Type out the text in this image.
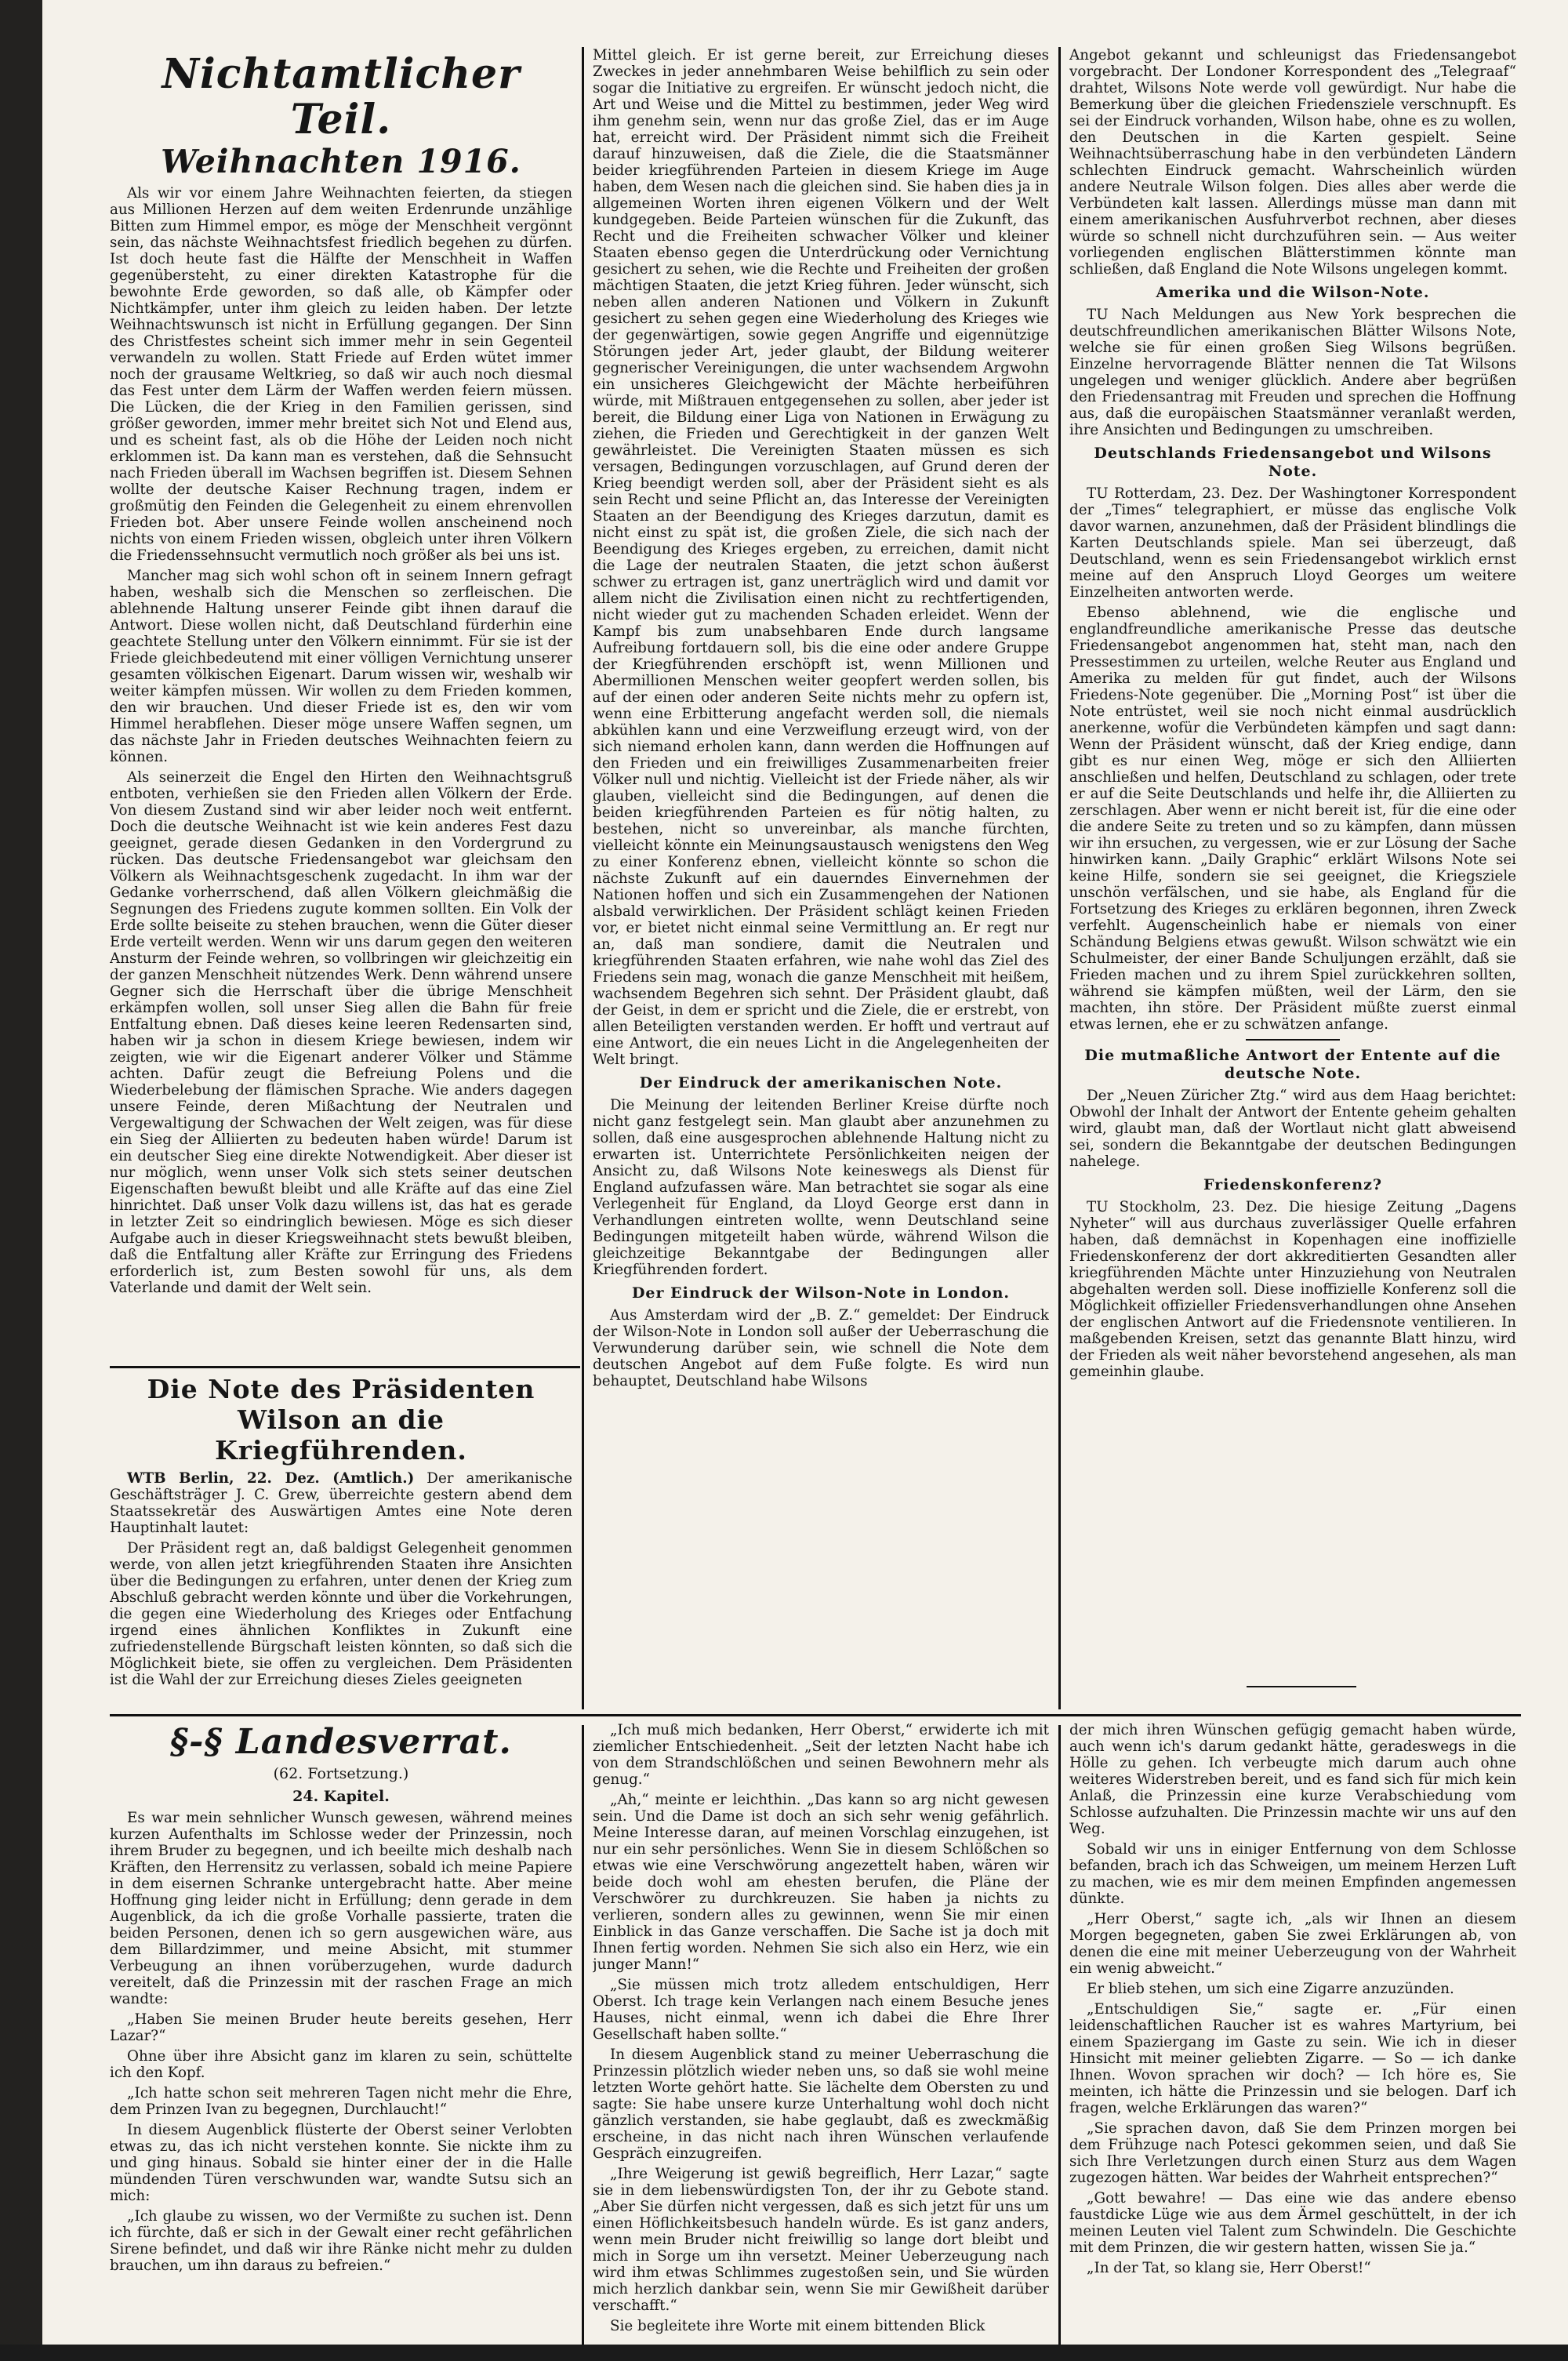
Nichtamtlicher Teil.
Weihnachten 1916.

Als wir vor einem Jahre Weihnachten feierten, da stiegen aus Millionen Herzen auf dem weiten Erdenrunde unzählige Bitten zum Himmel empor, es möge der Menschheit vergönnt sein, das nächste Weihnachtsfest friedlich begehen zu dürfen. Ist doch heute fast die Hälfte der Menschheit in Waffen gegenübersteht, zu einer direkten Katastrophe für die bewohnte Erde geworden, so daß alle, ob Kämpfer oder Nichtkämpfer, unter ihm gleich zu leiden haben. Der letzte Weihnachtswunsch ist nicht in Erfüllung gegangen. Der Sinn des Christfestes scheint sich immer mehr in sein Gegenteil verwandeln zu wollen. Statt Friede auf Erden wütet immer noch der grausame Weltkrieg, so daß wir auch noch diesmal das Fest unter dem Lärm der Waffen werden feiern müssen. Die Lücken, die der Krieg in den Familien gerissen, sind größer geworden, immer mehr breitet sich Not und Elend aus, und es scheint fast, als ob die Höhe der Leiden noch nicht erklommen ist. Da kann man es verstehen, daß die Sehnsucht nach Frieden überall im Wachsen begriffen ist. Diesem Sehnen wollte der deutsche Kaiser Rechnung tragen, indem er großmütig den Feinden die Gelegenheit zu einem ehrenvollen Frieden bot. Aber unsere Feinde wollen anscheinend noch nichts von einem Frieden wissen, obgleich unter ihren Völkern die Friedenssehnsucht vermutlich noch größer als bei uns ist.

Mancher mag sich wohl schon oft in seinem Innern gefragt haben, weshalb sich die Menschen so zerfleischen. Die ablehnende Haltung unserer Feinde gibt ihnen darauf die Antwort. Diese wollen nicht, daß Deutschland fürderhin eine geachtete Stellung unter den Völkern einnimmt. Für sie ist der Friede gleichbedeutend mit einer völligen Vernichtung unserer gesamten völkischen Eigenart. Darum wissen wir, weshalb wir weiter kämpfen müssen. Wir wollen zu dem Frieden kommen, den wir brauchen. Und dieser Friede ist es, den wir vom Himmel herabflehen. Dieser möge unsere Waffen segnen, um das nächste Jahr in Frieden deutsches Weihnachten feiern zu können.

Als seinerzeit die Engel den Hirten den Weihnachtsgruß entboten, verhießen sie den Frieden allen Völkern der Erde. Von diesem Zustand sind wir aber leider noch weit entfernt. Doch die deutsche Weihnacht ist wie kein anderes Fest dazu geeignet, gerade diesen Gedanken in den Vordergrund zu rücken. Das deutsche Friedensangebot war gleichsam den Völkern als Weihnachtsgeschenk zugedacht. In ihm war der Gedanke vorherrschend, daß allen Völkern gleichmäßig die Segnungen des Friedens zugute kommen sollten. Ein Volk der Erde sollte beiseite zu stehen brauchen, wenn die Güter dieser Erde verteilt werden. Wenn wir uns darum gegen den weiteren Ansturm der Feinde wehren, so vollbringen wir gleichzeitig ein der ganzen Menschheit nützendes Werk. Denn während unsere Gegner sich die Herrschaft über die übrige Menschheit erkämpfen wollen, soll unser Sieg allen die Bahn für freie Entfaltung ebnen. Daß dieses keine leeren Redensarten sind, haben wir ja schon in diesem Kriege bewiesen, indem wir zeigten, wie wir die Eigenart anderer Völker und Stämme achten. Dafür zeugt die Befreiung Polens und die Wiederbelebung der flämischen Sprache. Wie anders dagegen unsere Feinde, deren Mißachtung der Neutralen und Vergewaltigung der Schwachen der Welt zeigen, was für diese ein Sieg der Alliierten zu bedeuten haben würde! Darum ist ein deutscher Sieg eine direkte Notwendigkeit. Aber dieser ist nur möglich, wenn unser Volk sich stets seiner deutschen Eigenschaften bewußt bleibt und alle Kräfte auf das eine Ziel hinrichtet. Daß unser Volk dazu willens ist, das hat es gerade in letzter Zeit so eindringlich bewiesen. Möge es sich dieser Aufgabe auch in dieser Kriegsweihnacht stets bewußt bleiben, daß die Entfaltung aller Kräfte zur Erringung des Friedens erforderlich ist, zum Besten sowohl für uns, als dem Vaterlande und damit der Welt sein.

Die Note des Präsidenten Wilson an die Kriegführenden.

WTB Berlin, 22. Dez. (Amtlich.) Der amerikanische Geschäftsträger J. C. Grew, überreichte gestern abend dem Staatssekretär des Auswärtigen Amtes eine Note deren Hauptinhalt lautet:

Der Präsident regt an, daß baldigst Gelegenheit genommen werde, von allen jetzt kriegführenden Staaten ihre Ansichten über die Bedingungen zu erfahren, unter denen der Krieg zum Abschluß gebracht werden könnte und über die Vorkehrungen, die gegen eine Wiederholung des Krieges oder Entfachung irgend eines ähnlichen Konfliktes in Zukunft eine zufriedenstellende Bürgschaft leisten könnten, so daß sich die Möglichkeit biete, sie offen zu vergleichen. Dem Präsidenten ist die Wahl der zur Erreichung dieses Zieles geeigneten

Mittel gleich. Er ist gerne bereit, zur Erreichung dieses Zweckes in jeder annehmbaren Weise behilflich zu sein oder sogar die Initiative zu ergreifen. Er wünscht jedoch nicht, die Art und Weise und die Mittel zu bestimmen, jeder Weg wird ihm genehm sein, wenn nur das große Ziel, das er im Auge hat, erreicht wird. Der Präsident nimmt sich die Freiheit darauf hinzuweisen, daß die Ziele, die die Staatsmänner beider kriegführenden Parteien in diesem Kriege im Auge haben, dem Wesen nach die gleichen sind. Sie haben dies ja in allgemeinen Worten ihren eigenen Völkern und der Welt kundgegeben. Beide Parteien wünschen für die Zukunft, das Recht und die Freiheiten schwacher Völker und kleiner Staaten ebenso gegen die Unterdrückung oder Vernichtung gesichert zu sehen, wie die Rechte und Freiheiten der großen mächtigen Staaten, die jetzt Krieg führen. Jeder wünscht, sich neben allen anderen Nationen und Völkern in Zukunft gesichert zu sehen gegen eine Wiederholung des Krieges wie der gegenwärtigen, sowie gegen Angriffe und eigennützige Störungen jeder Art, jeder glaubt, der Bildung weiterer gegnerischer Vereinigungen, die unter wachsendem Argwohn ein unsicheres Gleichgewicht der Mächte herbeiführen würde, mit Mißtrauen entgegensehen zu sollen, aber jeder ist bereit, die Bildung einer Liga von Nationen in Erwägung zu ziehen, die Frieden und Gerechtigkeit in der ganzen Welt gewährleistet. Die Vereinigten Staaten müssen es sich versagen, Bedingungen vorzuschlagen, auf Grund deren der Krieg beendigt werden soll, aber der Präsident sieht es als sein Recht und seine Pflicht an, das Interesse der Vereinigten Staaten an der Beendigung des Krieges darzutun, damit es nicht einst zu spät ist, die großen Ziele, die sich nach der Beendigung des Krieges ergeben, zu erreichen, damit nicht die Lage der neutralen Staaten, die jetzt schon äußerst schwer zu ertragen ist, ganz unerträglich wird und damit vor allem nicht die Zivilisation einen nicht zu rechtfertigenden, nicht wieder gut zu machenden Schaden erleidet. Wenn der Kampf bis zum unabsehbaren Ende durch langsame Aufreibung fortdauern soll, bis die eine oder andere Gruppe der Kriegführenden erschöpft ist, wenn Millionen und Abermillionen Menschen weiter geopfert werden sollen, bis auf der einen oder anderen Seite nichts mehr zu opfern ist, wenn eine Erbitterung angefacht werden soll, die niemals abkühlen kann und eine Verzweiflung erzeugt wird, von der sich niemand erholen kann, dann werden die Hoffnungen auf den Frieden und ein freiwilliges Zusammenarbeiten freier Völker null und nichtig. Vielleicht ist der Friede näher, als wir glauben, vielleicht sind die Bedingungen, auf denen die beiden kriegführenden Parteien es für nötig halten, zu bestehen, nicht so unvereinbar, als manche fürchten, vielleicht könnte ein Meinungsaustausch wenigstens den Weg zu einer Konferenz ebnen, vielleicht könnte so schon die nächste Zukunft auf ein dauerndes Einvernehmen der Nationen hoffen und sich ein Zusammengehen der Nationen alsbald verwirklichen. Der Präsident schlägt keinen Frieden vor, er bietet nicht einmal seine Vermittlung an. Er regt nur an, daß man sondiere, damit die Neutralen und kriegführenden Staaten erfahren, wie nahe wohl das Ziel des Friedens sein mag, wonach die ganze Menschheit mit heißem, wachsendem Begehren sich sehnt. Der Präsident glaubt, daß der Geist, in dem er spricht und die Ziele, die er erstrebt, von allen Beteiligten verstanden werden. Er hofft und vertraut auf eine Antwort, die ein neues Licht in die Angelegenheiten der Welt bringt.

Der Eindruck der amerikanischen Note.

Die Meinung der leitenden Berliner Kreise dürfte noch nicht ganz festgelegt sein. Man glaubt aber anzunehmen zu sollen, daß eine ausgesprochen ablehnende Haltung nicht zu erwarten ist. Unterrichtete Persönlichkeiten neigen der Ansicht zu, daß Wilsons Note keineswegs als Dienst für England aufzufassen wäre. Man betrachtet sie sogar als eine Verlegenheit für England, da Lloyd George erst dann in Verhandlungen eintreten wollte, wenn Deutschland seine Bedingungen mitgeteilt haben würde, während Wilson die gleichzeitige Bekanntgabe der Bedingungen aller Kriegführenden fordert.

Der Eindruck der Wilson-Note in London.

Aus Amsterdam wird der „B. Z.“ gemeldet: Der Eindruck der Wilson-Note in London soll außer der Ueberraschung die Verwunderung darüber sein, wie schnell die Note dem deutschen Angebot auf dem Fuße folgte. Es wird nun behauptet, Deutschland habe Wilsons

Angebot gekannt und schleunigst das Friedensangebot vorgebracht. Der Londoner Korrespondent des „Telegraaf“ drahtet, Wilsons Note werde voll gewürdigt. Nur habe die Bemerkung über die gleichen Friedensziele verschnupft. Es sei der Eindruck vorhanden, Wilson habe, ohne es zu wollen, den Deutschen in die Karten gespielt. Seine Weihnachtsüberraschung habe in den verbündeten Ländern schlechten Eindruck gemacht. Wahrscheinlich würden andere Neutrale Wilson folgen. Dies alles aber werde die Verbündeten kalt lassen. Allerdings müsse man dann mit einem amerikanischen Ausfuhrverbot rechnen, aber dieses würde so schnell nicht durchzuführen sein. — Aus weiter vorliegenden englischen Blätterstimmen könnte man schließen, daß England die Note Wilsons ungelegen kommt.

Amerika und die Wilson-Note.

TU Nach Meldungen aus New York besprechen die deutschfreundlichen amerikanischen Blätter Wilsons Note, welche sie für einen großen Sieg Wilsons begrüßen. Einzelne hervorragende Blätter nennen die Tat Wilsons ungelegen und weniger glücklich. Andere aber begrüßen den Friedensantrag mit Freuden und sprechen die Hoffnung aus, daß die europäischen Staatsmänner veranlaßt werden, ihre Ansichten und Bedingungen zu umschreiben.

Deutschlands Friedensangebot und Wilsons Note.

TU Rotterdam, 23. Dez. Der Washingtoner Korrespondent der „Times“ telegraphiert, er müsse das englische Volk davor warnen, anzunehmen, daß der Präsident blindlings die Karten Deutschlands spiele. Man sei überzeugt, daß Deutschland, wenn es sein Friedensangebot wirklich ernst meine auf den Anspruch Lloyd Georges um weitere Einzelheiten antworten werde.

Ebenso ablehnend, wie die englische und englandfreundliche amerikanische Presse das deutsche Friedensangebot angenommen hat, steht man, nach den Pressestimmen zu urteilen, welche Reuter aus England und Amerika zu melden für gut findet, auch der Wilsons Friedens-Note gegenüber. Die „Morning Post“ ist über die Note entrüstet, weil sie noch nicht einmal ausdrücklich anerkenne, wofür die Verbündeten kämpfen und sagt dann: Wenn der Präsident wünscht, daß der Krieg endige, dann gibt es nur einen Weg, möge er sich den Alliierten anschließen und helfen, Deutschland zu schlagen, oder trete er auf die Seite Deutschlands und helfe ihr, die Alliierten zu zerschlagen. Aber wenn er nicht bereit ist, für die eine oder die andere Seite zu treten und so zu kämpfen, dann müssen wir ihn ersuchen, zu vergessen, wie er zur Lösung der Sache hinwirken kann. „Daily Graphic“ erklärt Wilsons Note sei keine Hilfe, sondern sie sei geeignet, die Kriegsziele unschön verfälschen, und sie habe, als England für die Fortsetzung des Krieges zu erklären begonnen, ihren Zweck verfehlt. Augenscheinlich habe er niemals von einer Schändung Belgiens etwas gewußt. Wilson schwätzt wie ein Schulmeister, der einer Bande Schuljungen erzählt, daß sie Frieden machen und zu ihrem Spiel zurückkehren sollten, während sie kämpfen müßten, weil der Lärm, den sie machten, ihn störe. Der Präsident müßte zuerst einmal etwas lernen, ehe er zu schwätzen anfange.

Die mutmaßliche Antwort der Entente auf die deutsche Note.

Der „Neuen Züricher Ztg.“ wird aus dem Haag berichtet: Obwohl der Inhalt der Antwort der Entente geheim gehalten wird, glaubt man, daß der Wortlaut nicht glatt abweisend sei, sondern die Bekanntgabe der deutschen Bedingungen nahelege.

Friedenskonferenz?

TU Stockholm, 23. Dez. Die hiesige Zeitung „Dagens Nyheter“ will aus durchaus zuverlässiger Quelle erfahren haben, daß demnächst in Kopenhagen eine inoffizielle Friedenskonferenz der dort akkreditierten Gesandten aller kriegführenden Mächte unter Hinzuziehung von Neutralen abgehalten werden soll. Diese inoffizielle Konferenz soll die Möglichkeit offizieller Friedensverhandlungen ohne Ansehen der englischen Antwort auf die Friedensnote ventilieren. In maßgebenden Kreisen, setzt das genannte Blatt hinzu, wird der Frieden als weit näher bevorstehend angesehen, als man gemeinhin glaube.

§-§ Landesverrat.
(62. Fortsetzung.)
24. Kapitel.

Es war mein sehnlicher Wunsch gewesen, während meines kurzen Aufenthalts im Schlosse weder der Prinzessin, noch ihrem Bruder zu begegnen, und ich beeilte mich deshalb nach Kräften, den Herrensitz zu verlassen, sobald ich meine Papiere in dem eisernen Schranke untergebracht hatte. Aber meine Hoffnung ging leider nicht in Erfüllung; denn gerade in dem Augenblick, da ich die große Vorhalle passierte, traten die beiden Personen, denen ich so gern ausgewichen wäre, aus dem Billardzimmer, und meine Absicht, mit stummer Verbeugung an ihnen vorüberzugehen, wurde dadurch vereitelt, daß die Prinzessin mit der raschen Frage an mich wandte:

„Haben Sie meinen Bruder heute bereits gesehen, Herr Lazar?“

Ohne über ihre Absicht ganz im klaren zu sein, schüttelte ich den Kopf.

„Ich hatte schon seit mehreren Tagen nicht mehr die Ehre, dem Prinzen Ivan zu begegnen, Durchlaucht!“

In diesem Augenblick flüsterte der Oberst seiner Verlobten etwas zu, das ich nicht verstehen konnte. Sie nickte ihm zu und ging hinaus. Sobald sie hinter einer der in die Halle mündenden Türen verschwunden war, wandte Sutsu sich an mich:

„Ich glaube zu wissen, wo der Vermißte zu suchen ist. Denn ich fürchte, daß er sich in der Gewalt einer recht gefährlichen Sirene befindet, und daß wir ihre Ränke nicht mehr zu dulden brauchen, um ihn daraus zu befreien.“

„Ich muß mich bedanken, Herr Oberst,“ erwiderte ich mit ziemlicher Entschiedenheit. „Seit der letzten Nacht habe ich von dem Strandschlößchen und seinen Bewohnern mehr als genug.“

„Ah,“ meinte er leichthin. „Das kann so arg nicht gewesen sein. Und die Dame ist doch an sich sehr wenig gefährlich. Meine Interesse daran, auf meinen Vorschlag einzugehen, ist nur ein sehr persönliches. Wenn Sie in diesem Schlößchen so etwas wie eine Verschwörung angezettelt haben, wären wir beide doch wohl am ehesten berufen, die Pläne der Verschwörer zu durchkreuzen. Sie haben ja nichts zu verlieren, sondern alles zu gewinnen, wenn Sie mir einen Einblick in das Ganze verschaffen. Die Sache ist ja doch mit Ihnen fertig worden. Nehmen Sie sich also ein Herz, wie ein junger Mann!“

„Sie müssen mich trotz alledem entschuldigen, Herr Oberst. Ich trage kein Verlangen nach einem Besuche jenes Hauses, nicht einmal, wenn ich dabei die Ehre Ihrer Gesellschaft haben sollte.“

In diesem Augenblick stand zu meiner Ueberraschung die Prinzessin plötzlich wieder neben uns, so daß sie wohl meine letzten Worte gehört hatte. Sie lächelte dem Obersten zu und sagte: Sie habe unsere kurze Unterhaltung wohl doch nicht gänzlich verstanden, sie habe geglaubt, daß es zweckmäßig erscheine, in das nicht nach ihren Wünschen verlaufende Gespräch einzugreifen.

„Ihre Weigerung ist gewiß begreiflich, Herr Lazar,“ sagte sie in dem liebenswürdigsten Ton, der ihr zu Gebote stand. „Aber Sie dürfen nicht vergessen, daß es sich jetzt für uns um einen Höflichkeitsbesuch handeln würde. Es ist ganz anders, wenn mein Bruder nicht freiwillig so lange dort bleibt und mich in Sorge um ihn versetzt. Meiner Ueberzeugung nach wird ihm etwas Schlimmes zugestoßen sein, und Sie würden mich herzlich dankbar sein, wenn Sie mir Gewißheit darüber verschafft.“

Sie begleitete ihre Worte mit einem bittenden Blick

der mich ihren Wünschen gefügig gemacht haben würde, auch wenn ich's darum gedankt hätte, geradeswegs in die Hölle zu gehen. Ich verbeugte mich darum auch ohne weiteres Widerstreben bereit, und es fand sich für mich kein Anlaß, die Prinzessin eine kurze Verabschiedung vom Schlosse aufzuhalten. Die Prinzessin machte wir uns auf den Weg.

Sobald wir uns in einiger Entfernung von dem Schlosse befanden, brach ich das Schweigen, um meinem Herzen Luft zu machen, wie es mir dem meinen Empfinden angemessen dünkte.

„Herr Oberst,“ sagte ich, „als wir Ihnen an diesem Morgen begegneten, gaben Sie zwei Erklärungen ab, von denen die eine mit meiner Ueberzeugung von der Wahrheit ein wenig abweicht.“

Er blieb stehen, um sich eine Zigarre anzuzünden.

„Entschuldigen Sie,“ sagte er. „Für einen leidenschaftlichen Raucher ist es wahres Martyrium, bei einem Spaziergang im Gaste zu sein. Wie ich in dieser Hinsicht mit meiner geliebten Zigarre. — So — ich danke Ihnen. Wovon sprachen wir doch? — Ich höre es, Sie meinten, ich hätte die Prinzessin und sie belogen. Darf ich fragen, welche Erklärungen das waren?“

„Sie sprachen davon, daß Sie dem Prinzen morgen bei dem Frühzuge nach Potesci gekommen seien, und daß Sie sich Ihre Verletzungen durch einen Sturz aus dem Wagen zugezogen hätten. War beides der Wahrheit entsprechen?“

„Gott bewahre! — Das eine wie das andere ebenso faustdicke Lüge wie aus dem Ärmel geschüttelt, in der ich meinen Leuten viel Talent zum Schwindeln. Die Geschichte mit dem Prinzen, die wir gestern hatten, wissen Sie ja.“

„In der Tat, so klang sie, Herr Oberst!“
